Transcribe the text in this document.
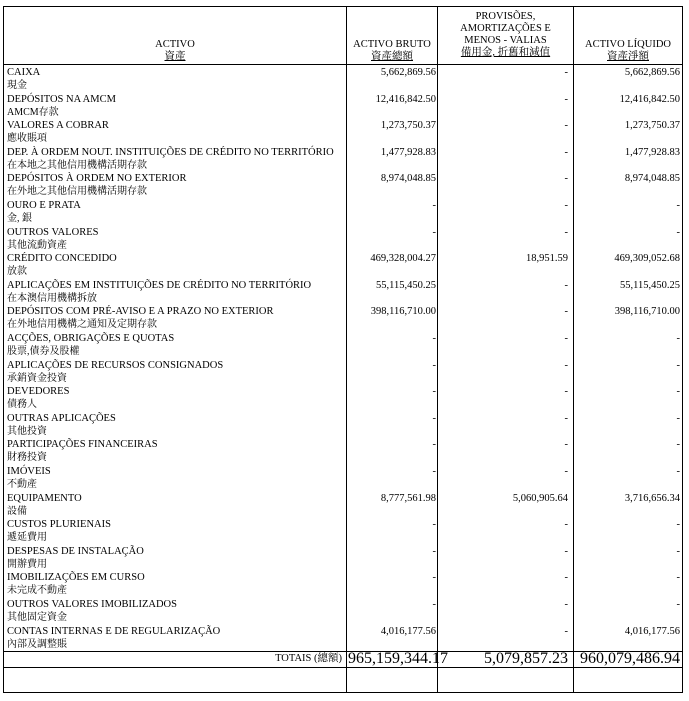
ACTIVO
資產
ACTIVO BRUTO
資產總額
PROVISÕES,
AMORTIZAÇÕES E
MENOS - VALIAS
備用金, 折舊和減值
ACTIVO LÍQUIDO
資產淨額
CAIXA
現金
5,662,869.56	-	5,662,869.56
DEPÓSITOS NA AMCM
AMCM存款
12,416,842.50	-	12,416,842.50
VALORES A COBRAR
應收賬項
1,273,750.37	-	1,273,750.37
DEP. À ORDEM NOUT. INSTITUIÇÕES DE CRÉDITO NO TERRITÓRIO
在本地之其他信用機構活期存款
1,477,928.83	-	1,477,928.83
DEPÓSITOS À ORDEM NO EXTERIOR
在外地之其他信用機構活期存款
8,974,048.85	-	8,974,048.85
OURO E PRATA
金, 銀
-	-	-
OUTROS VALORES
其他流動資產
-	-	-
CRÉDITO CONCEDIDO
放款
469,328,004.27	18,951.59	469,309,052.68
APLICAÇÕES EM INSTITUIÇÕES DE CRÉDITO NO TERRITÓRIO
在本澳信用機構拆放
55,115,450.25	-	55,115,450.25
DEPÓSITOS COM PRÉ-AVISO E A PRAZO NO EXTERIOR
在外地信用機構之通知及定期存款
398,116,710.00	-	398,116,710.00
ACÇÕES, OBRIGAÇÕES E QUOTAS
股票,債券及股權
-	-	-
APLICAÇÕES DE RECURSOS CONSIGNADOS
承銷資金投資
-	-	-
DEVEDORES
債務人
-	-	-
OUTRAS APLICAÇÕES
其他投資
-	-	-
PARTICIPAÇÕES FINANCEIRAS
財務投資
-	-	-
IMÓVEIS
不動產
-	-	-
EQUIPAMENTO
設備
8,777,561.98	5,060,905.64	3,716,656.34
CUSTOS PLURIENAIS
遞延費用
-	-	-
DESPESAS DE INSTALAÇÃO
開辦費用
-	-	-
IMOBILIZAÇÕES EM CURSO
未完成不動產
-	-	-
OUTROS VALORES IMOBILIZADOS
其他固定資金
-	-	-
CONTAS INTERNAS E DE REGULARIZAÇÃO
內部及調整賬
4,016,177.56	-	4,016,177.56
TOTAIS (總額) 965,159,344.17	5,079,857.23 960,079,486.94
